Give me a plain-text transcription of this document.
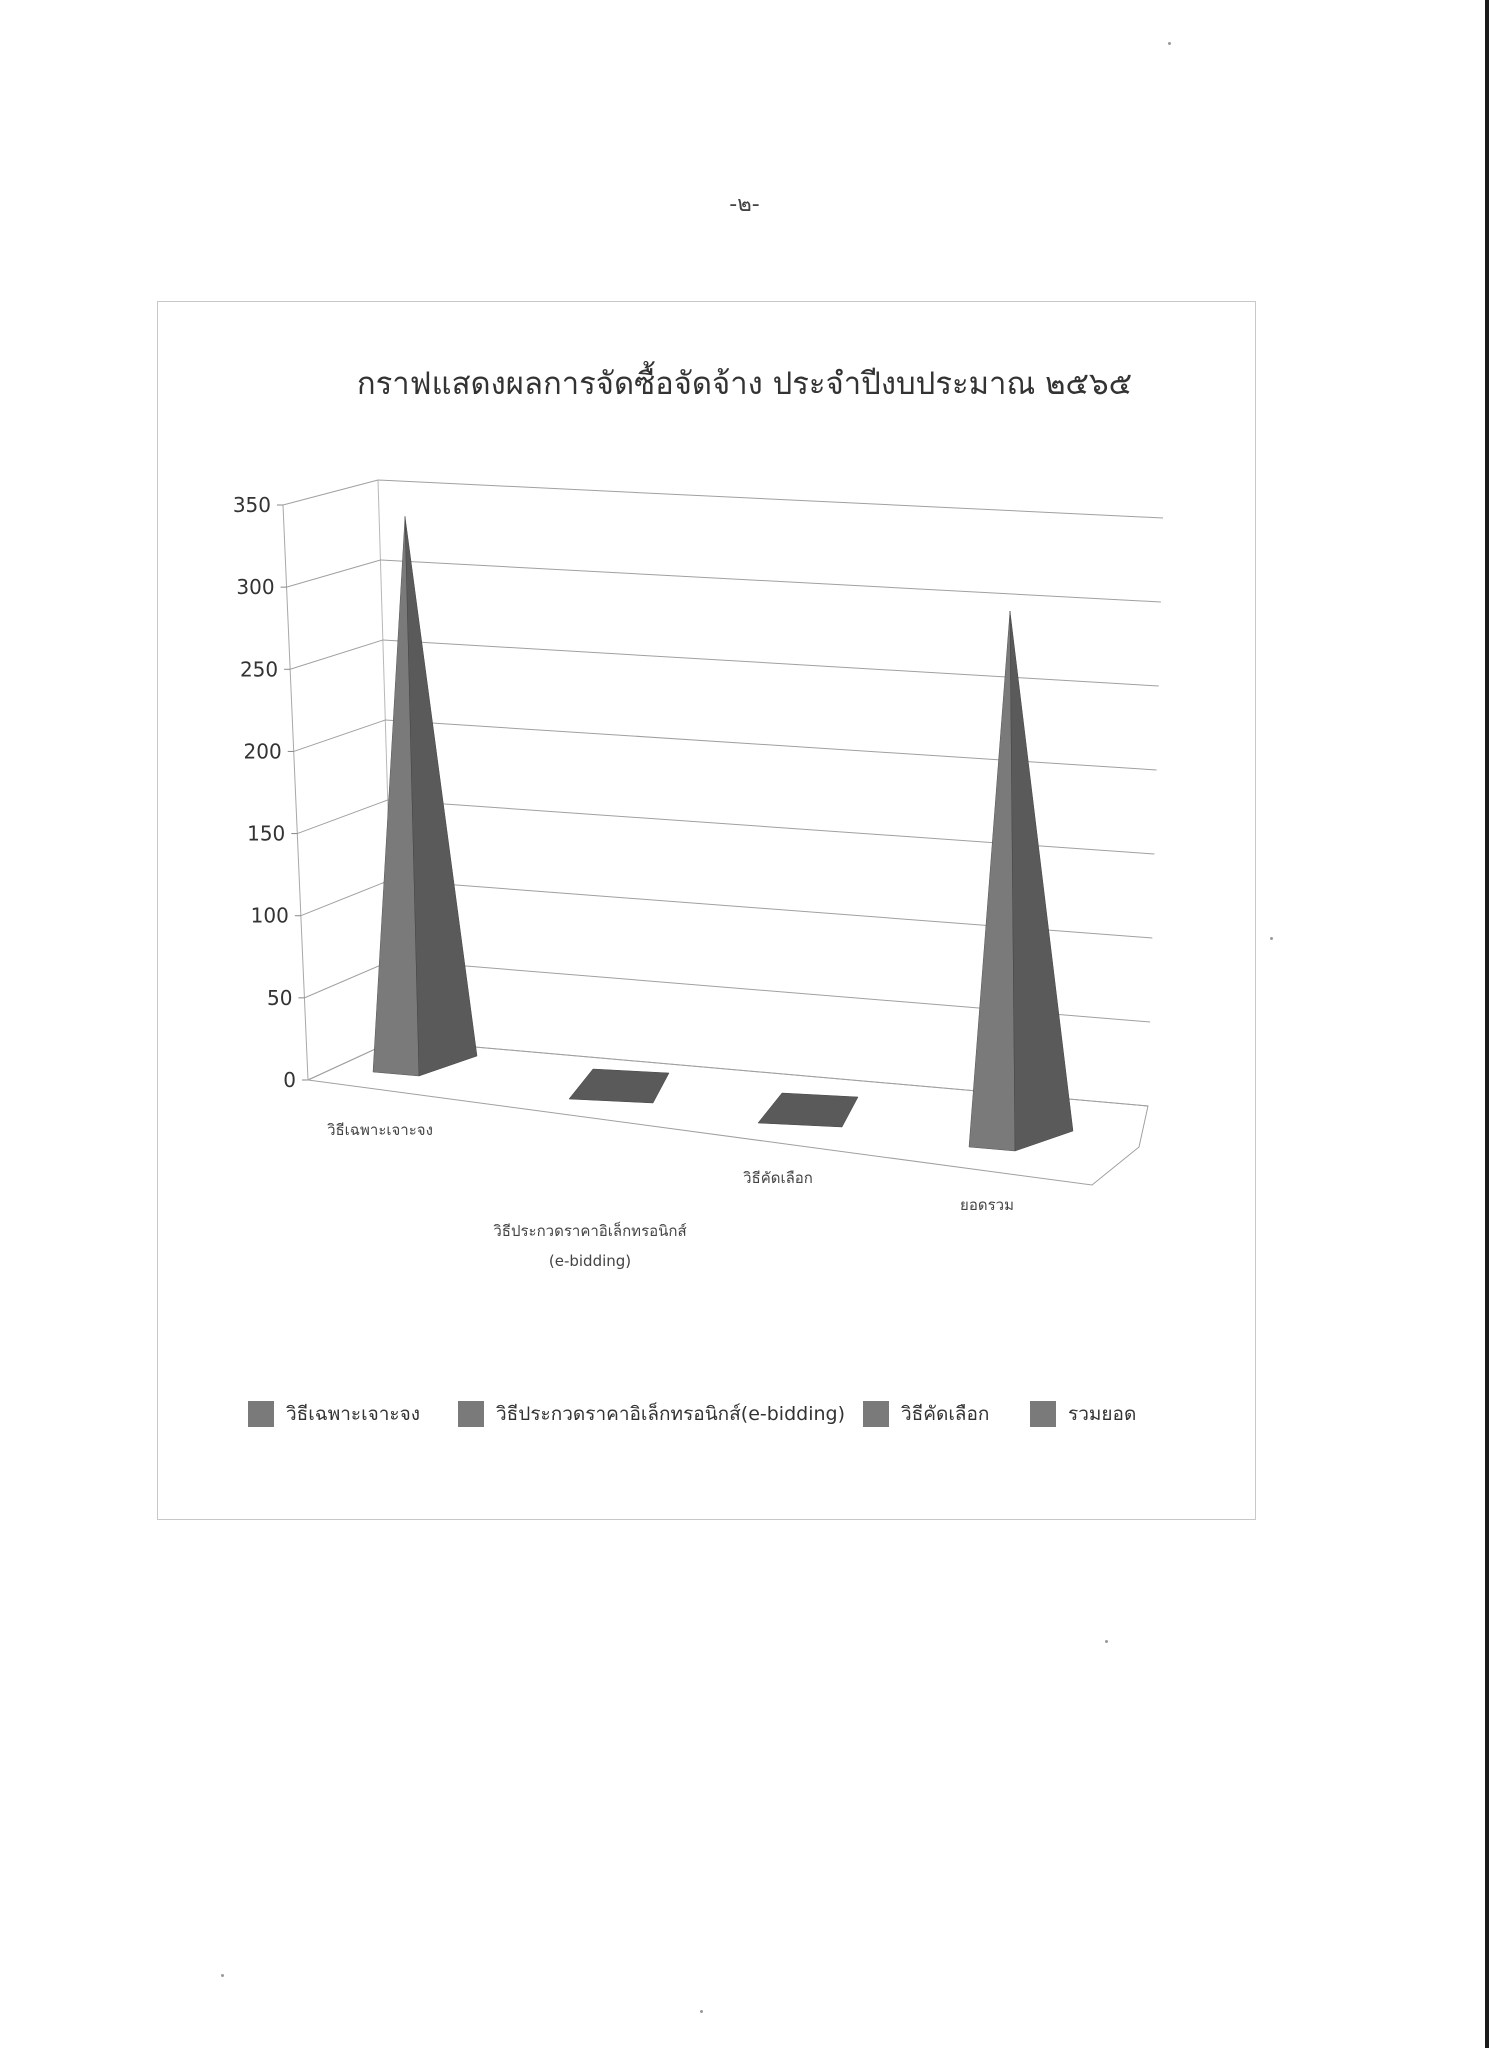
-๒-
กราฟแสดงผลการจัดซื้อจัดจ้าง ประจำปีงบประมาณ ๒๕๖๕
0
50
100
150
200
250
300
350
วิธีเฉพาะเจาะจง
วิธีประกวดราคาอิเล็กทรอนิกส์
(e-bidding)
วิธีคัดเลือก
ยอดรวม
วิธีเฉพาะเจาะจง	วิธีประกวดราคาอิเล็กทรอนิกส์(e-bidding)	วิธีคัดเลือก	รวมยอด
